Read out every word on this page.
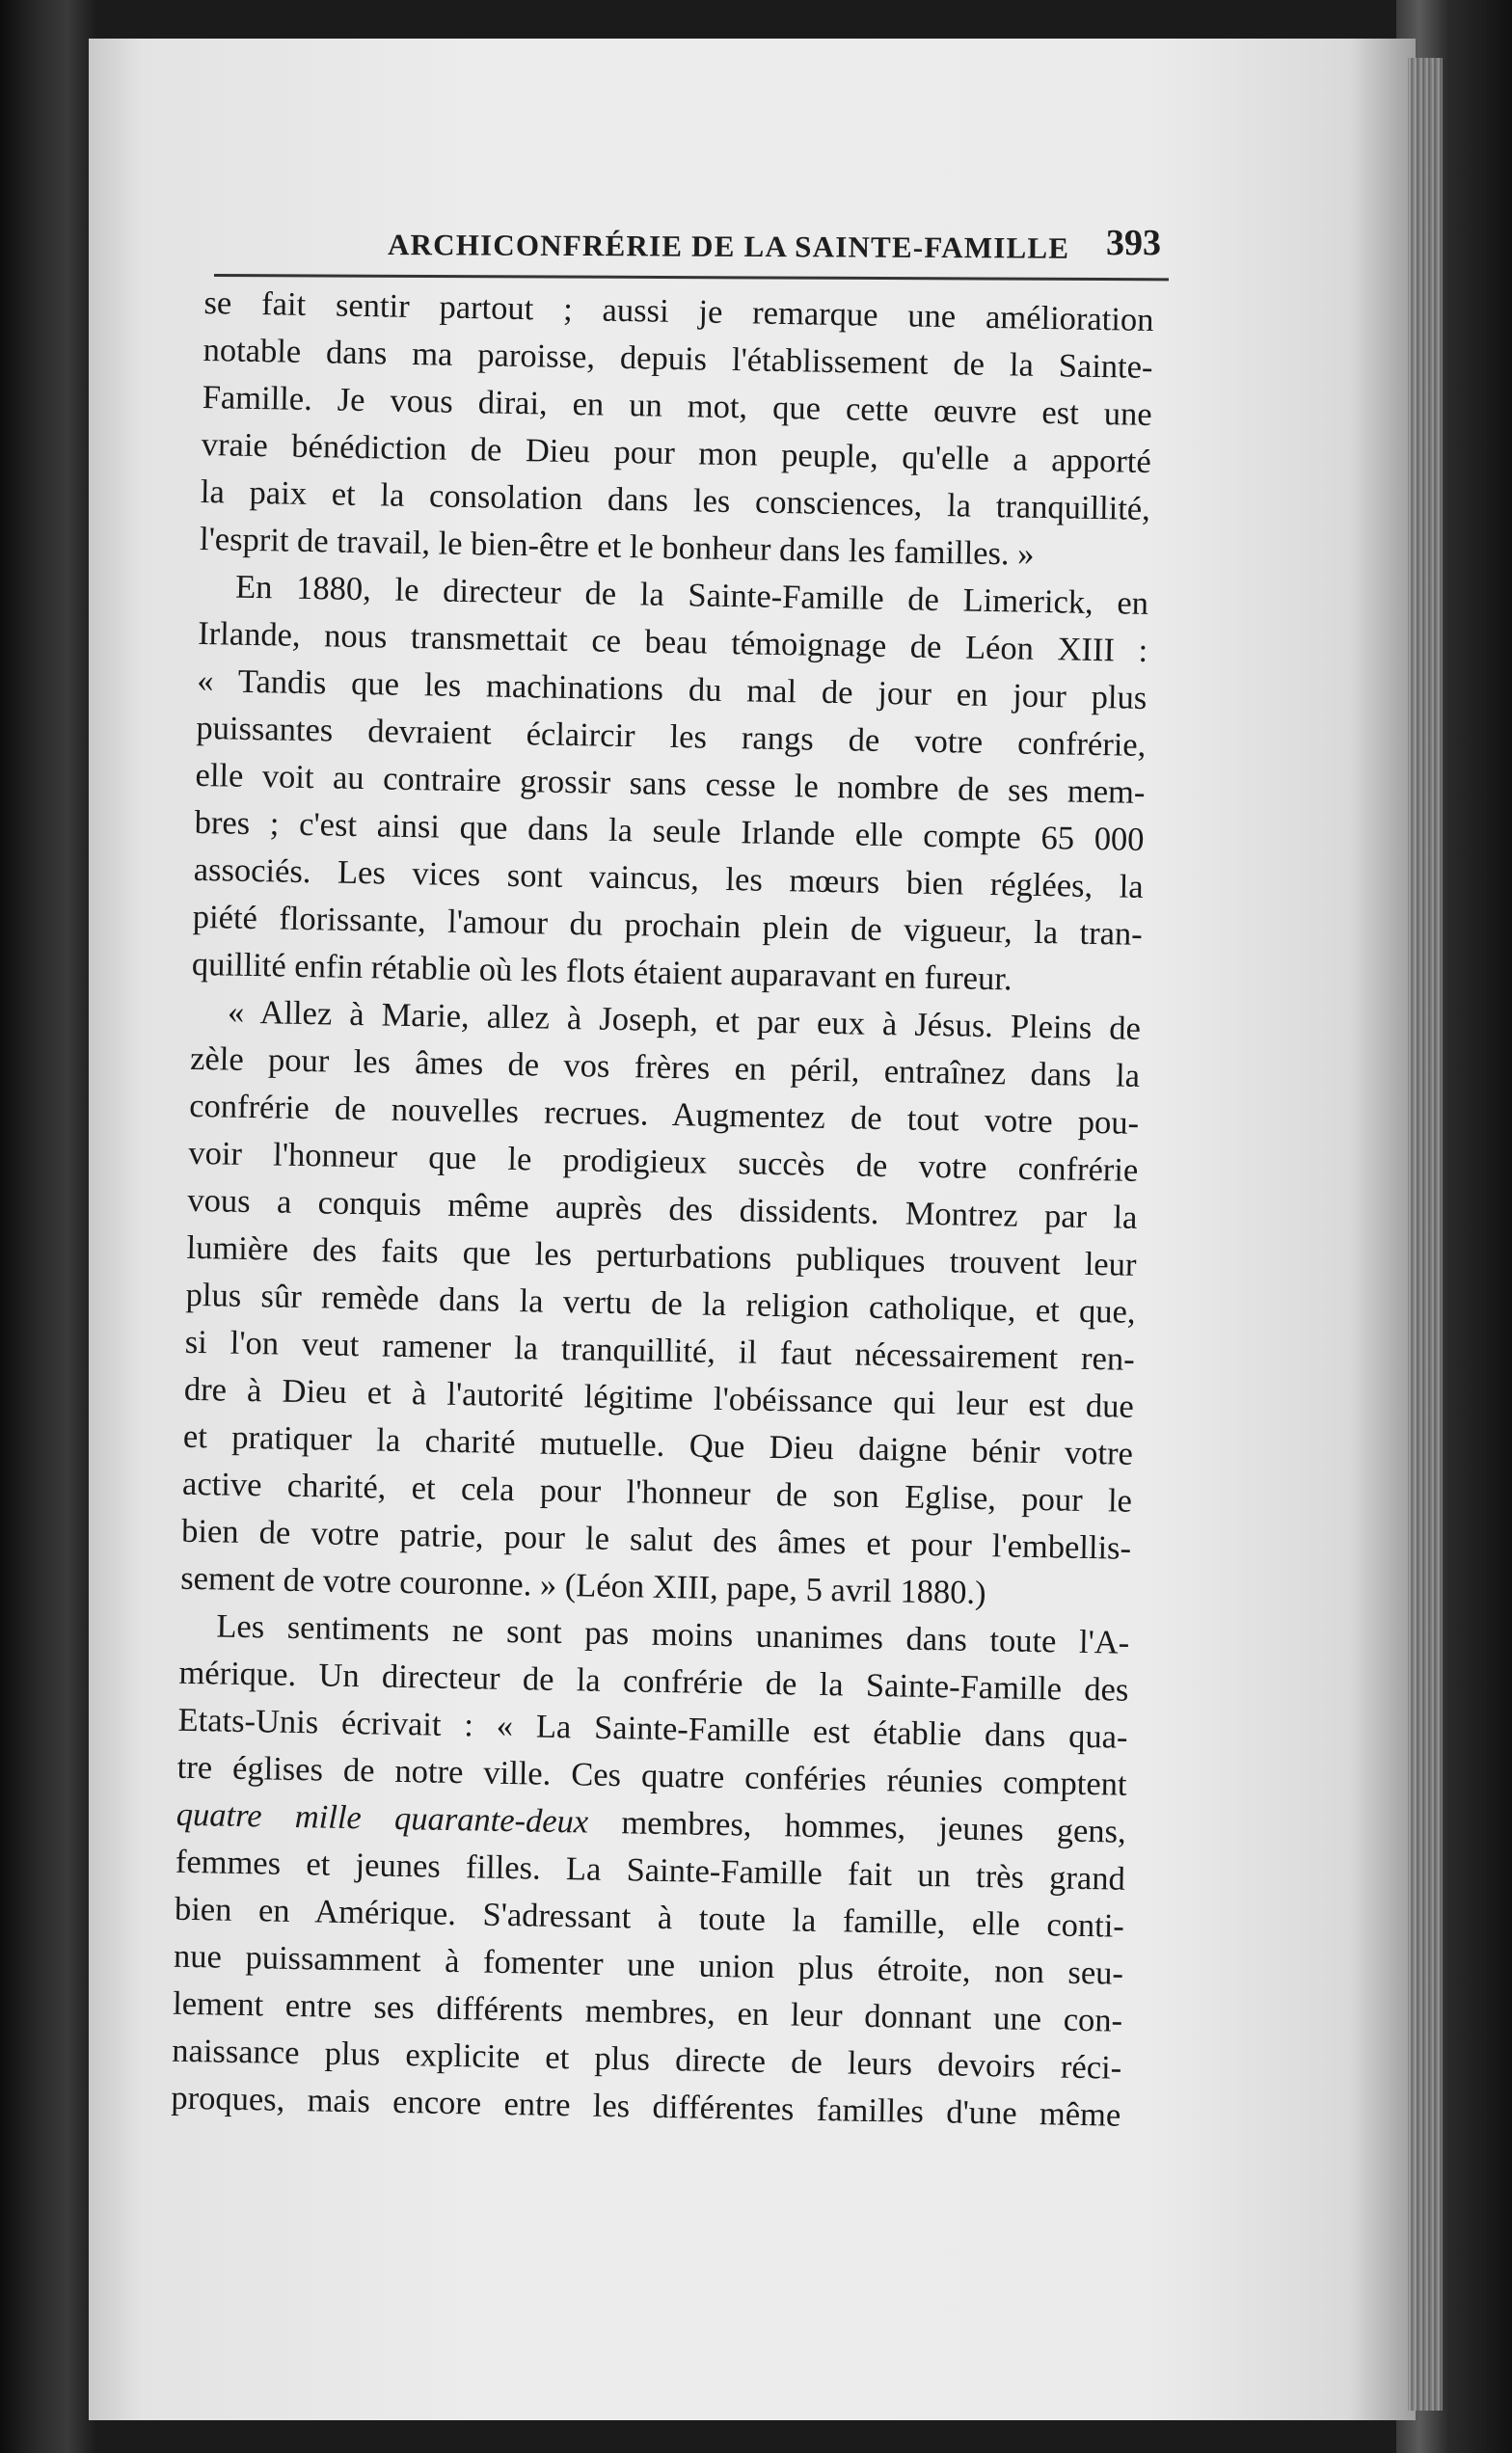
ARCHICONFRÉRIE DE LA SAINTE-FAMILLE 393
se fait sentir partout ; aussi je remarque une amélioration
notable dans ma paroisse, depuis l'établissement de la Sainte-
Famille. Je vous dirai, en un mot, que cette œuvre est une
vraie bénédiction de Dieu pour mon peuple, qu'elle a apporté
la paix et la consolation dans les consciences, la tranquillité,
l'esprit de travail, le bien-être et le bonheur dans les familles. »
En 1880, le directeur de la Sainte-Famille de Limerick, en
Irlande, nous transmettait ce beau témoignage de Léon XIII :
« Tandis que les machinations du mal de jour en jour plus
puissantes devraient éclaircir les rangs de votre confrérie,
elle voit au contraire grossir sans cesse le nombre de ses mem-
bres ; c'est ainsi que dans la seule Irlande elle compte 65 000
associés. Les vices sont vaincus, les mœurs bien réglées, la
piété florissante, l'amour du prochain plein de vigueur, la tran-
quillité enfin rétablie où les flots étaient auparavant en fureur.
« Allez à Marie, allez à Joseph, et par eux à Jésus. Pleins de
zèle pour les âmes de vos frères en péril, entraînez dans la
confrérie de nouvelles recrues. Augmentez de tout votre pou-
voir l'honneur que le prodigieux succès de votre confrérie
vous a conquis même auprès des dissidents. Montrez par la
lumière des faits que les perturbations publiques trouvent leur
plus sûr remède dans la vertu de la religion catholique, et que,
si l'on veut ramener la tranquillité, il faut nécessairement ren-
dre à Dieu et à l'autorité légitime l'obéissance qui leur est due
et pratiquer la charité mutuelle. Que Dieu daigne bénir votre
active charité, et cela pour l'honneur de son Eglise, pour le
bien de votre patrie, pour le salut des âmes et pour l'embellis-
sement de votre couronne. » (Léon XIII, pape, 5 avril 1880.)
Les sentiments ne sont pas moins unanimes dans toute l'A-
mérique. Un directeur de la confrérie de la Sainte-Famille des
Etats-Unis écrivait : « La Sainte-Famille est établie dans qua-
tre églises de notre ville. Ces quatre conféries réunies comptent
quatre mille quarante-deux membres, hommes, jeunes gens,
femmes et jeunes filles. La Sainte-Famille fait un très grand
bien en Amérique. S'adressant à toute la famille, elle conti-
nue puissamment à fomenter une union plus étroite, non seu-
lement entre ses différents membres, en leur donnant une con-
naissance plus explicite et plus directe de leurs devoirs réci-
proques, mais encore entre les différentes familles d'une même
